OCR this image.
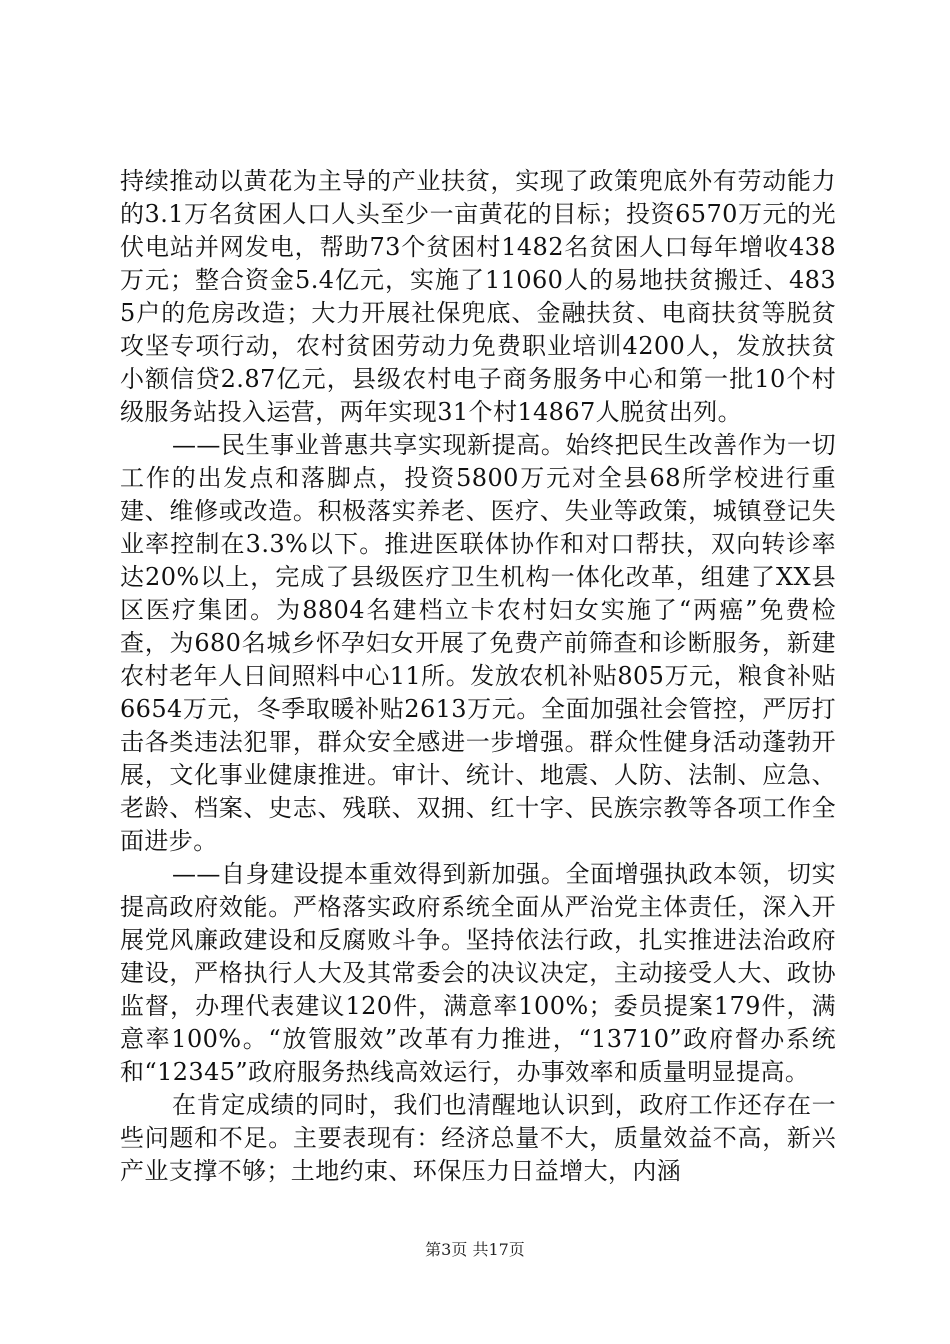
持续推动以黄花为主导的产业扶贫，实现了政策兜底外有劳动能力的3.1万名贫困人口人头至少一亩黄花的目标；投资6570万元的光伏电站并网发电，帮助73个贫困村1482名贫困人口每年增收438万元；整合资金5.4亿元，实施了11060人的易地扶贫搬迁、4835户的危房改造；大力开展社保兜底、金融扶贫、电商扶贫等脱贫攻坚专项行动，农村贫困劳动力免费职业培训4200人，发放扶贫小额信贷2.87亿元，县级农村电子商务服务中心和第一批10个村级服务站投入运营，两年实现31个村14867人脱贫出列。

——民生事业普惠共享实现新提高。始终把民生改善作为一切工作的出发点和落脚点，投资5800万元对全县68所学校进行重建、维修或改造。积极落实养老、医疗、失业等政策，城镇登记失业率控制在3.3%以下。推进医联体协作和对口帮扶，双向转诊率达20%以上，完成了县级医疗卫生机构一体化改革，组建了XX县区医疗集团。为8804名建档立卡农村妇女实施了“两癌”免费检查，为680名城乡怀孕妇女开展了免费产前筛查和诊断服务，新建农村老年人日间照料中心11所。发放农机补贴805万元，粮食补贴6654万元，冬季取暖补贴2613万元。全面加强社会管控，严厉打击各类违法犯罪，群众安全感进一步增强。群众性健身活动蓬勃开展，文化事业健康推进。审计、统计、地震、人防、法制、应急、老龄、档案、史志、残联、双拥、红十字、民族宗教等各项工作全面进步。

——自身建设提本重效得到新加强。全面增强执政本领，切实提高政府效能。严格落实政府系统全面从严治党主体责任，深入开展党风廉政建设和反腐败斗争。坚持依法行政，扎实推进法治政府建设，严格执行人大及其常委会的决议决定，主动接受人大、政协监督，办理代表建议120件，满意率100%；委员提案179件，满意率100%。“放管服效”改革有力推进，“13710”政府督办系统和“12345”政府服务热线高效运行，办事效率和质量明显提高。

在肯定成绩的同时，我们也清醒地认识到，政府工作还存在一些问题和不足。主要表现有：经济总量不大，质量效益不高，新兴产业支撑不够；土地约束、环保压力日益增大，内涵

第3页 共17页
